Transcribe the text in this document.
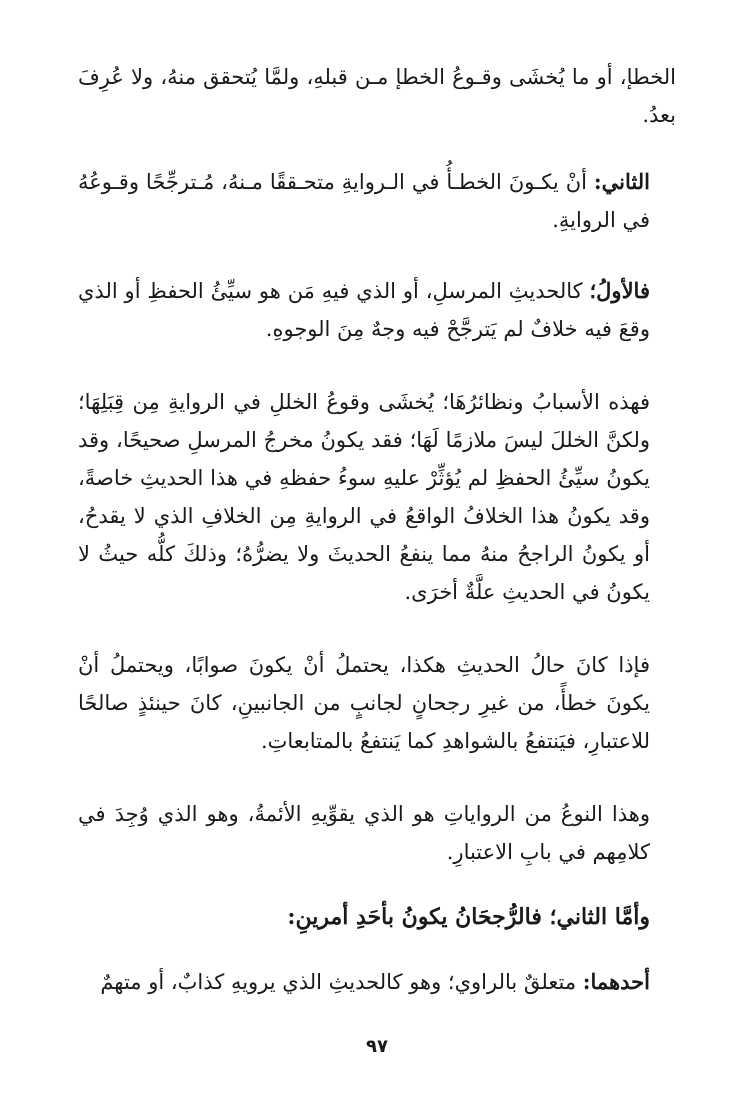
الخطإ، أو ما يُخشَى وقـوعُ الخطإ مـن قبلهِ، ولمَّا يُتحقق منهُ، ولا عُرِفَ بعدُ.

الثاني: أنْ يكـونَ الخطـأُ في الـروايةِ متحـققًا مـنهُ، مُـترجِّحًا وقـوعُهُ في الروايةِ.

فالأولُ؛ كالحديثِ المرسلِ، أو الذي فيهِ مَن هو سيِّئُ الحفظِ أو الذي وقعَ فيه خلافٌ لم يَترجَّحْ فيه وجهٌ مِنَ الوجوهِ.

فهذه الأسبابُ ونظائرُهَا؛ يُخشَى وقوعُ الخللِ في الروايةِ مِن قِبَلِهَا؛ ولكنَّ الخللَ ليسَ ملازمًا لَهَا؛ فقد يكونُ مخرجُ المرسلِ صحيحًا، وقد يكونُ سيِّئُ الحفظِ لم يُؤثِّرْ عليهِ سوءُ حفظهِ في هذا الحديثِ خاصةً، وقد يكونُ هذا الخلافُ الواقعُ في الروايةِ مِن الخلافِ الذي لا يقدحُ، أو يكونُ الراجحُ منهُ مما ينفعُ الحديثَ ولا يضرُّهُ؛ وذلكَ كلُّه حيثُ لا يكونُ في الحديثِ علَّةٌ أخرَى.

فإذا كانَ حالُ الحديثِ هكذا، يحتملُ أنْ يكونَ صوابًا، ويحتملُ أنْ يكونَ خطأً، من غيرِ رجحانٍ لجانبٍ من الجانبينِ، كانَ حينئذٍ صالحًا للاعتبارِ، فيَنتفعُ بالشواهدِ كما يَنتفعُ بالمتابعاتِ.

وهذا النوعُ من الرواياتِ هو الذي يقوِّيهِ الأئمةُ، وهو الذي وُجِدَ في كلامِهم في بابِ الاعتبارِ.

وأمَّا الثاني؛ فالرُّجحَانُ يكونُ بأحَدِ أمرينِ:

أحدهما: متعلقٌ بالراوي؛ وهو كالحديثِ الذي يرويهِ كذابٌ، أو متهمٌ

٩٧
